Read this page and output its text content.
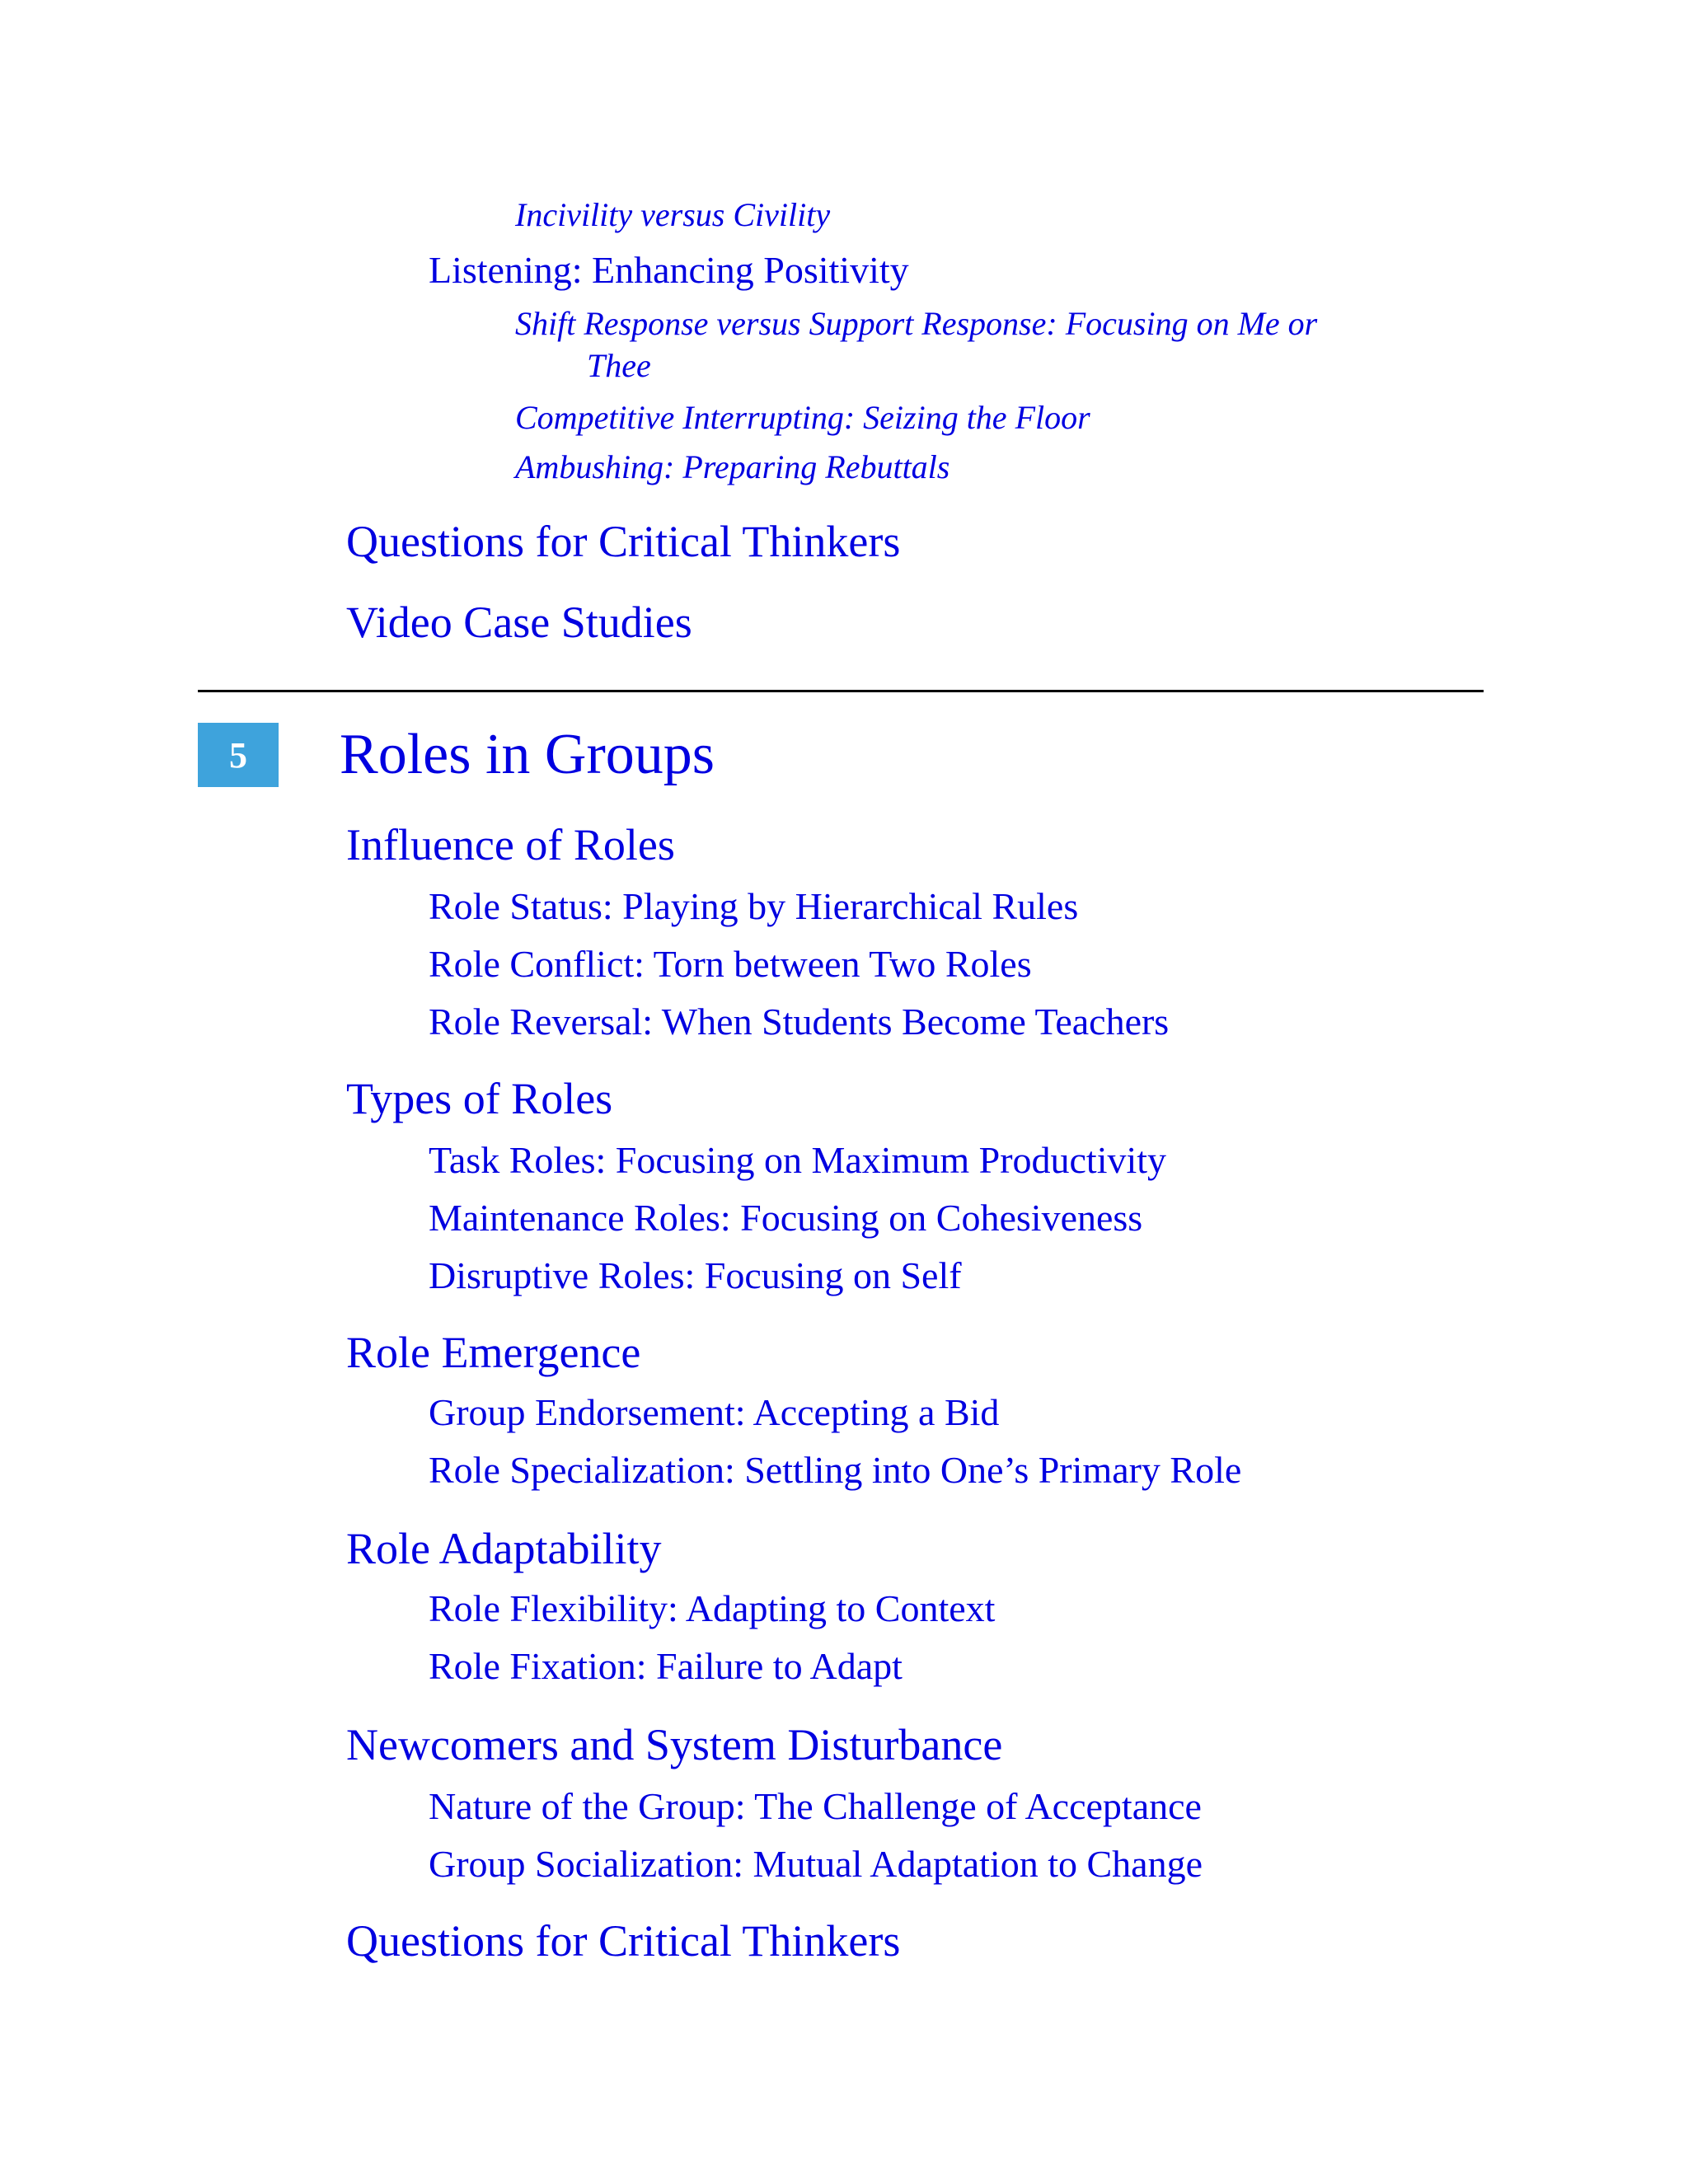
Incivility versus Civility

Listening: Enhancing Positivity

Shift Response versus Support Response: Focusing on Me or

Thee

Competitive Interrupting: Seizing the Floor

Ambushing: Preparing Rebuttals

Questions for Critical Thinkers

Video Case Studies

5 Roles in Groups

Influence of Roles

Role Status: Playing by Hierarchical Rules

Role Conflict: Torn between Two Roles

Role Reversal: When Students Become Teachers

Types of Roles

Task Roles: Focusing on Maximum Productivity

Maintenance Roles: Focusing on Cohesiveness

Disruptive Roles: Focusing on Self

Role Emergence

Group Endorsement: Accepting a Bid

Role Specialization: Settling into One’s Primary Role

Role Adaptability

Role Flexibility: Adapting to Context

Role Fixation: Failure to Adapt

Newcomers and System Disturbance

Nature of the Group: The Challenge of Acceptance

Group Socialization: Mutual Adaptation to Change

Questions for Critical Thinkers
